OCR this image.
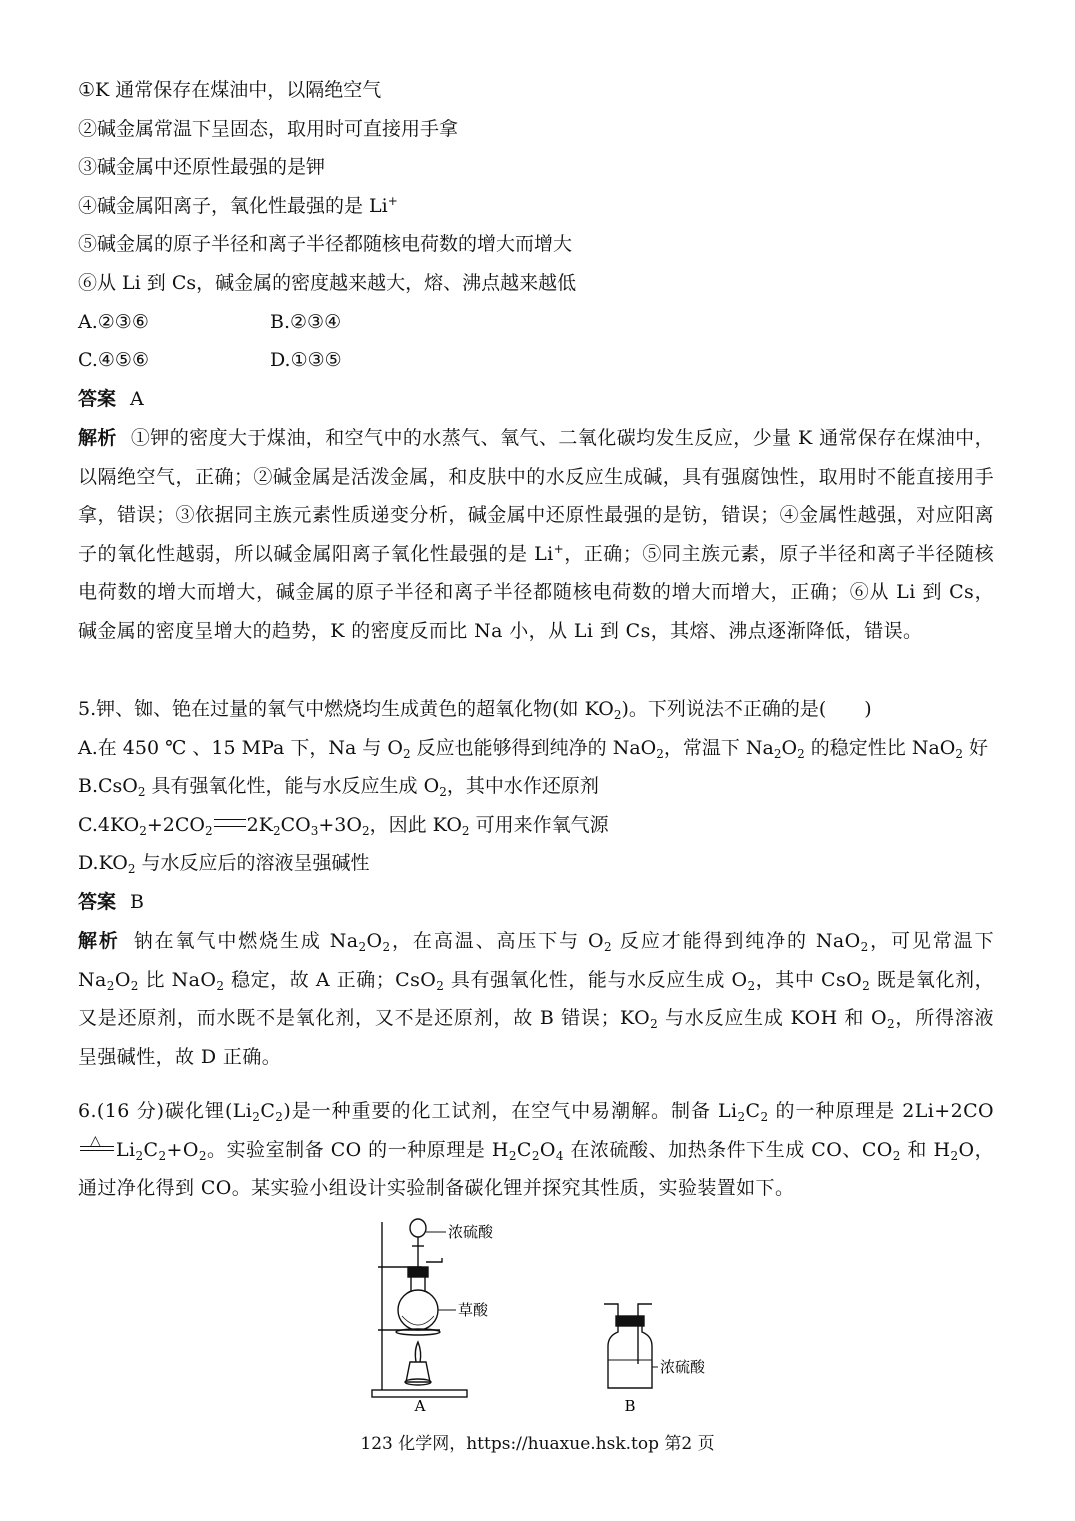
①K 通常保存在煤油中，以隔绝空气
②碱金属常温下呈固态，取用时可直接用手拿
③碱金属中还原性最强的是钾
④碱金属阳离子，氧化性最强的是 Li+
⑤碱金属的原子半径和离子半径都随核电荷数的增大而增大
⑥从 Li 到 Cs，碱金属的密度越来越大，熔、沸点越来越低
A.②③⑥	B.②③④
C.④⑤⑥	D.①③⑤
答案 A
解析 ①钾的密度大于煤油，和空气中的水蒸气、氧气、二氧化碳均发生反应，少量 K 通常保存在煤油中，以隔绝空气，正确；②碱金属是活泼金属，和皮肤中的水反应生成碱，具有强腐蚀性，取用时不能直接用手拿，错误；③依据同主族元素性质递变分析，碱金属中还原性最强的是钫，错误；④金属性越强，对应阳离子的氧化性越弱，所以碱金属阳离子氧化性最强的是 Li+，正确；⑤同主族元素，原子半径和离子半径随核电荷数的增大而增大，碱金属的原子半径和离子半径都随核电荷数的增大而增大，正确；⑥从 Li 到 Cs，碱金属的密度呈增大的趋势，K 的密度反而比 Na 小，从 Li 到 Cs，其熔、沸点逐渐降低，错误。
5.钾、铷、铯在过量的氧气中燃烧均生成黄色的超氧化物(如 $KO_2$)。下列说法不正确的是(　　)
A.在 450 ℃ 、15 MPa 下，Na 与 $O_2$ 反应也能够得到纯净的 NaO$_2$，常温下 $Na_2O_2$ 的稳定性比 NaO$_2$ 好
B.CsO$_2$ 具有强氧化性，能与水反应生成 $O_2$，其中水作还原剂
$C.4KO_2+2CO_2$ $2K_2CO_3+3O_2$，因此 $KO_2$ 可用来作氧气源
$D.KO_2$ 与水反应后的溶液呈强碱性
答案 B
解析 钠在氧气中燃烧生成 $Na_2O_2$，在高温、高压下与 $O_2$ 反应才能得到纯净的 NaO$_2$，可见常温下 $Na_2O_2$ 比 NaO$_2$ 稳定，故 A 正确；CsO$_2$ 具有强氧化性，能与水反应生成 $O_2$，其中 CsO$_2$ 既是氧化剂，又是还原剂，而水既不是氧化剂，又不是还原剂，故 B 错误；$KO_2$ 与水反应生成 KOH 和 $O_2$，所得溶液呈强碱性，故 D 正确。
6.(16 分)碳化锂$(Li_2C_2)$是一种重要的化工试剂，在空气中易潮解。制备 $Li_2C_2$ 的一种原理是 2Li+2CO
△ $Li_2C_2+O_2$。实验室制备 CO 的一种原理是 $H_2C_2O_4$ 在浓硫酸、加热条件下生成 CO、$CO_2$ 和 $H_2O$，通过净化得到 CO。某实验小组设计实验制备碳化锂并探究其性质，实验装置如下。
浓硫酸
草酸
A
浓硫酸
B
123 化学网，https://huaxue.hsk.top 第2 页
